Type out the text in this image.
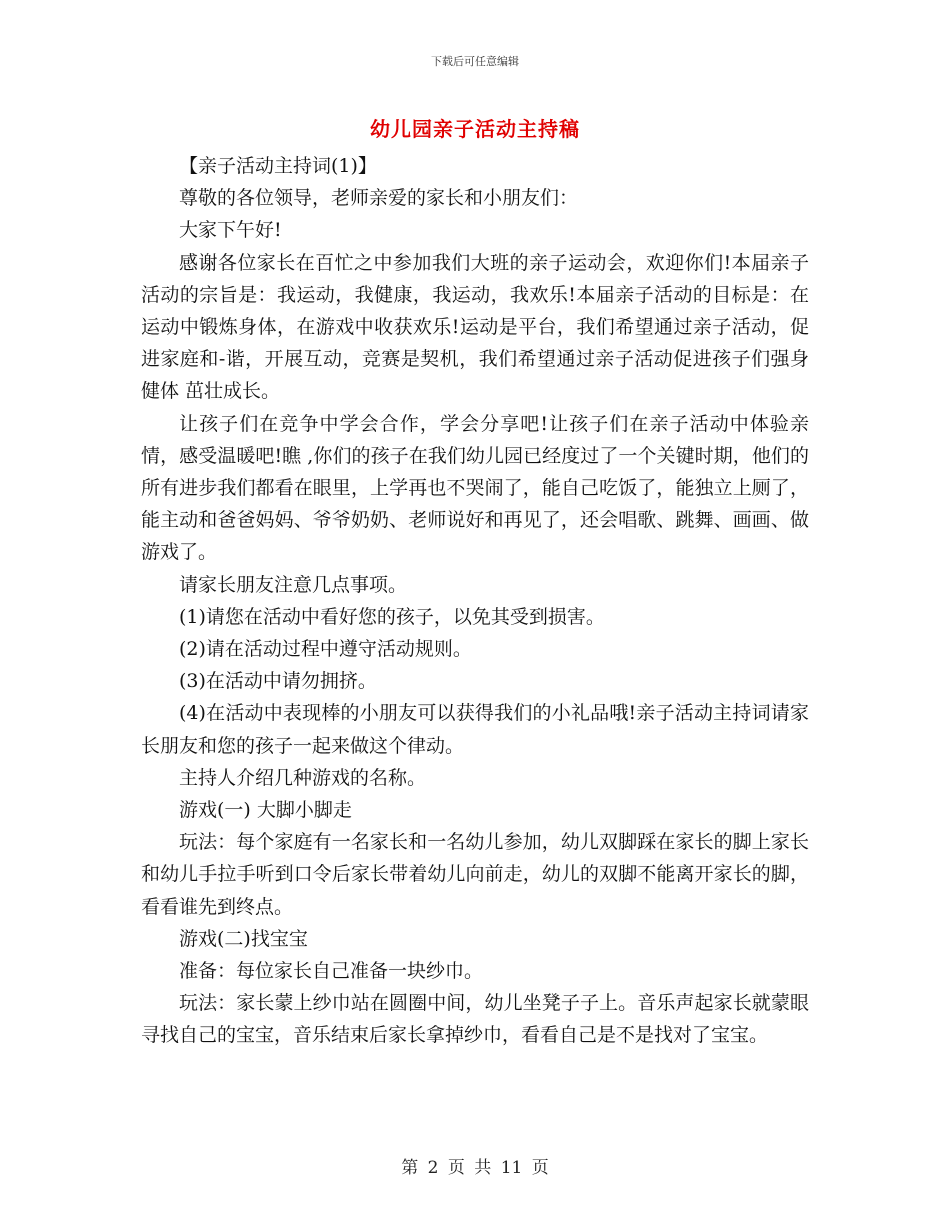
下载后可任意编辑
幼儿园亲子活动主持稿

【亲子活动主持词(1)】

尊敬的各位领导，老师亲爱的家长和小朋友们：

大家下午好!

感谢各位家长在百忙之中参加我们大班的亲子运动会，欢迎你们!本届亲子活动的宗旨是：我运动，我健康，我运动，我欢乐!本届亲子活动的目标是：在运动中锻炼身体，在游戏中收获欢乐!运动是平台，我们希望通过亲子活动，促进家庭和-谐，开展互动，竞赛是契机，我们希望通过亲子活动促进孩子们强身健体 茁壮成长。

让孩子们在竞争中学会合作，学会分享吧!让孩子们在亲子活动中体验亲情，感受温暖吧!瞧 ,你们的孩子在我们幼儿园已经度过了一个关键时期，他们的所有进步我们都看在眼里，上学再也不哭闹了，能自己吃饭了，能独立上厕了，能主动和爸爸妈妈、爷爷奶奶、老师说好和再见了，还会唱歌、跳舞、画画、做游戏了。

请家长朋友注意几点事项。

(1)请您在活动中看好您的孩子，以免其受到损害。

(2)请在活动过程中遵守活动规则。

(3)在活动中请勿拥挤。

(4)在活动中表现棒的小朋友可以获得我们的小礼品哦!亲子活动主持词请家长朋友和您的孩子一起来做这个律动。

主持人介绍几种游戏的名称。

游戏(一) 大脚小脚走

玩法：每个家庭有一名家长和一名幼儿参加，幼儿双脚踩在家长的脚上家长和幼儿手拉手听到口令后家长带着幼儿向前走，幼儿的双脚不能离开家长的脚，看看谁先到终点。

游戏(二)找宝宝

准备：每位家长自己准备一块纱巾。

玩法：家长蒙上纱巾站在圆圈中间，幼儿坐凳子子上。音乐声起家长就蒙眼寻找自己的宝宝，音乐结束后家长拿掉纱巾，看看自己是不是找对了宝宝。

第 2 页 共 11 页
